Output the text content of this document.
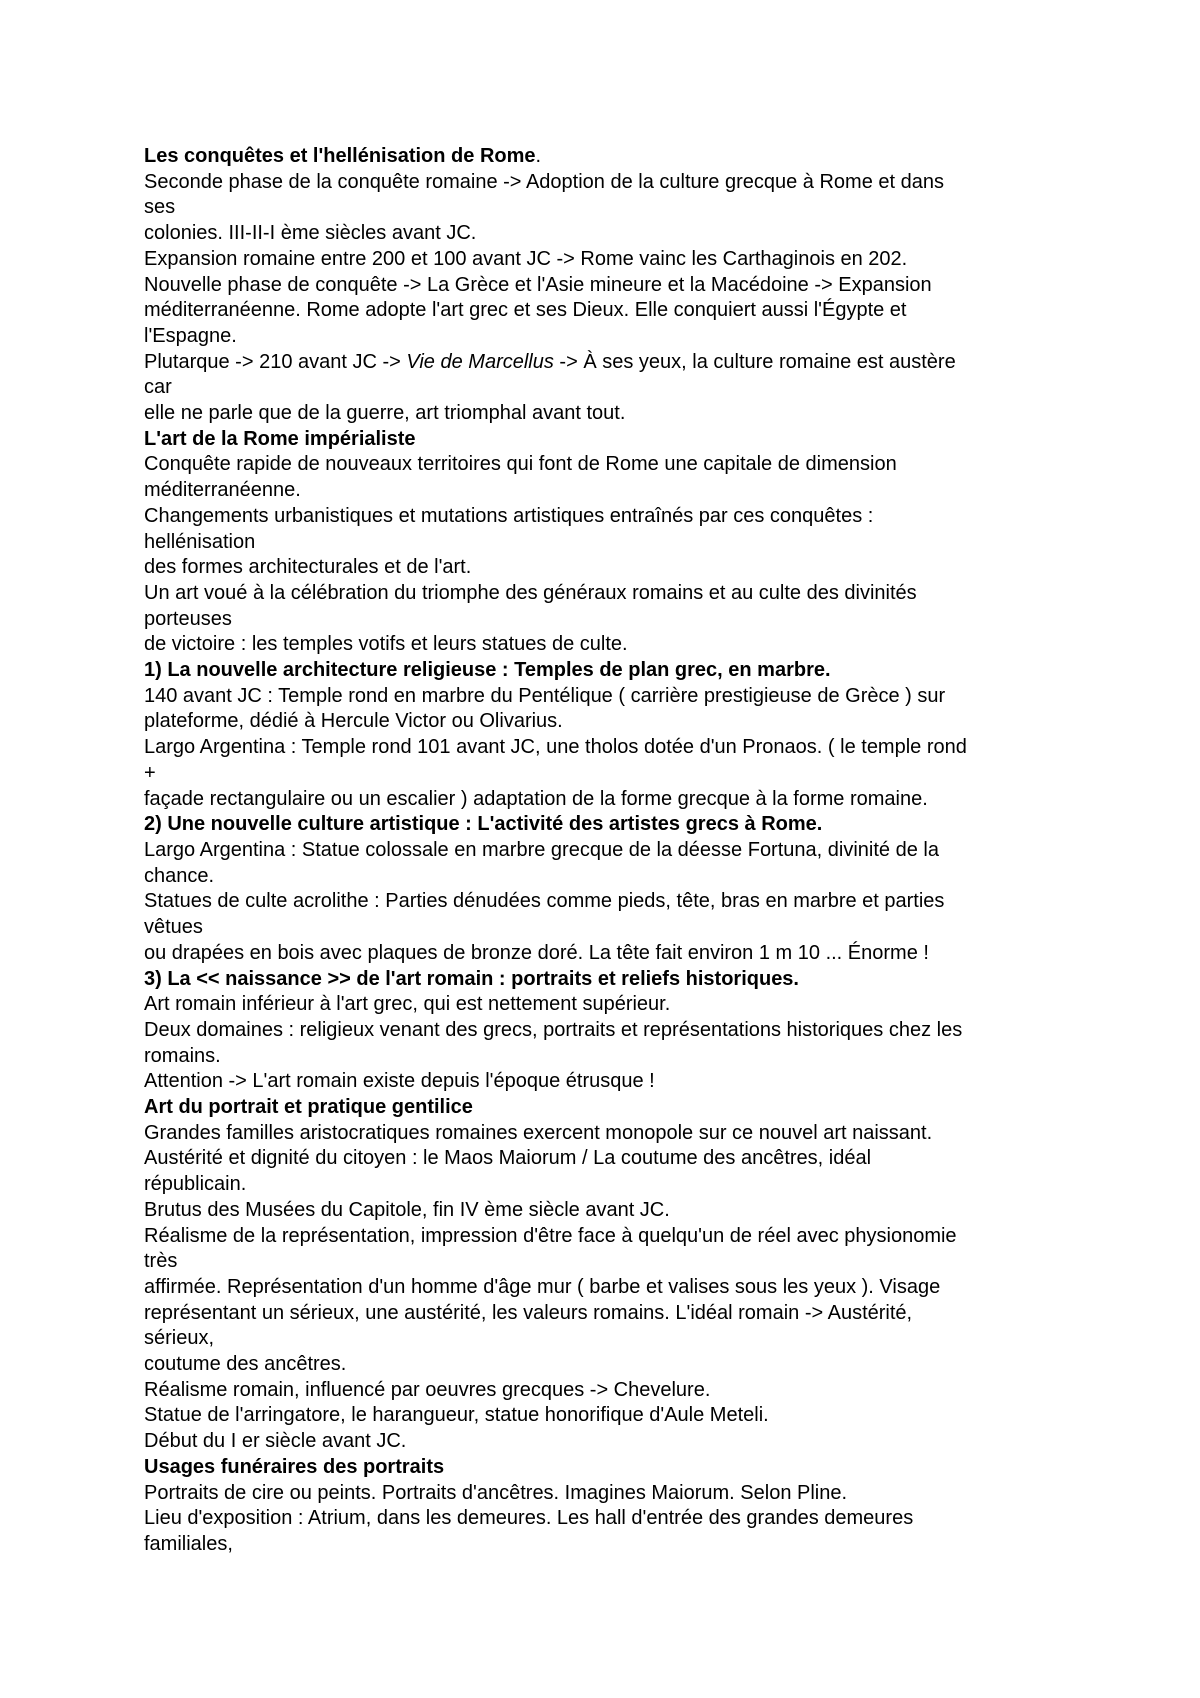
Les conquêtes et l'hellénisation de Rome.
Seconde phase de la conquête romaine -> Adoption de la culture grecque à Rome et dans
ses
colonies. III-II-I ème siècles avant JC.
Expansion romaine entre 200 et 100 avant JC -> Rome vainc les Carthaginois en 202.
Nouvelle phase de conquête -> La Grèce et l'Asie mineure et la Macédoine -> Expansion
méditerranéenne. Rome adopte l'art grec et ses Dieux. Elle conquiert aussi l'Égypte et
l'Espagne.
Plutarque -> 210 avant JC -> Vie de Marcellus -> À ses yeux, la culture romaine est austère
car
elle ne parle que de la guerre, art triomphal avant tout.
L'art de la Rome impérialiste
Conquête rapide de nouveaux territoires qui font de Rome une capitale de dimension
méditerranéenne.
Changements urbanistiques et mutations artistiques entraînés par ces conquêtes :
hellénisation
des formes architecturales et de l'art.
Un art voué à la célébration du triomphe des généraux romains et au culte des divinités
porteuses
de victoire : les temples votifs et leurs statues de culte.
1) La nouvelle architecture religieuse : Temples de plan grec, en marbre.
140 avant JC : Temple rond en marbre du Pentélique ( carrière prestigieuse de Grèce ) sur
plateforme, dédié à Hercule Victor ou Olivarius.
Largo Argentina : Temple rond 101 avant JC, une tholos dotée d'un Pronaos. ( le temple rond
+
façade rectangulaire ou un escalier ) adaptation de la forme grecque à la forme romaine.
2) Une nouvelle culture artistique : L'activité des artistes grecs à Rome.
Largo Argentina : Statue colossale en marbre grecque de la déesse Fortuna, divinité de la
chance.
Statues de culte acrolithe : Parties dénudées comme pieds, tête, bras en marbre et parties
vêtues
ou drapées en bois avec plaques de bronze doré. La tête fait environ 1 m 10 ... Énorme !
3) La << naissance >> de l'art romain : portraits et reliefs historiques.
Art romain inférieur à l'art grec, qui est nettement supérieur.
Deux domaines : religieux venant des grecs, portraits et représentations historiques chez les
romains.
Attention -> L'art romain existe depuis l'époque étrusque !
Art du portrait et pratique gentilice
Grandes familles aristocratiques romaines exercent monopole sur ce nouvel art naissant.
Austérité et dignité du citoyen : le Maos Maiorum / La coutume des ancêtres, idéal
républicain.
Brutus des Musées du Capitole, fin IV ème siècle avant JC.
Réalisme de la représentation, impression d'être face à quelqu'un de réel avec physionomie
très
affirmée. Représentation d'un homme d'âge mur ( barbe et valises sous les yeux ). Visage
représentant un sérieux, une austérité, les valeurs romains. L'idéal romain -> Austérité,
sérieux,
coutume des ancêtres.
Réalisme romain, influencé par oeuvres grecques -> Chevelure.
Statue de l'arringatore, le harangueur, statue honorifique d'Aule Meteli.
Début du I er siècle avant JC.
Usages funéraires des portraits
Portraits de cire ou peints. Portraits d'ancêtres. Imagines Maiorum. Selon Pline.
Lieu d'exposition : Atrium, dans les demeures. Les hall d'entrée des grandes demeures
familiales,
